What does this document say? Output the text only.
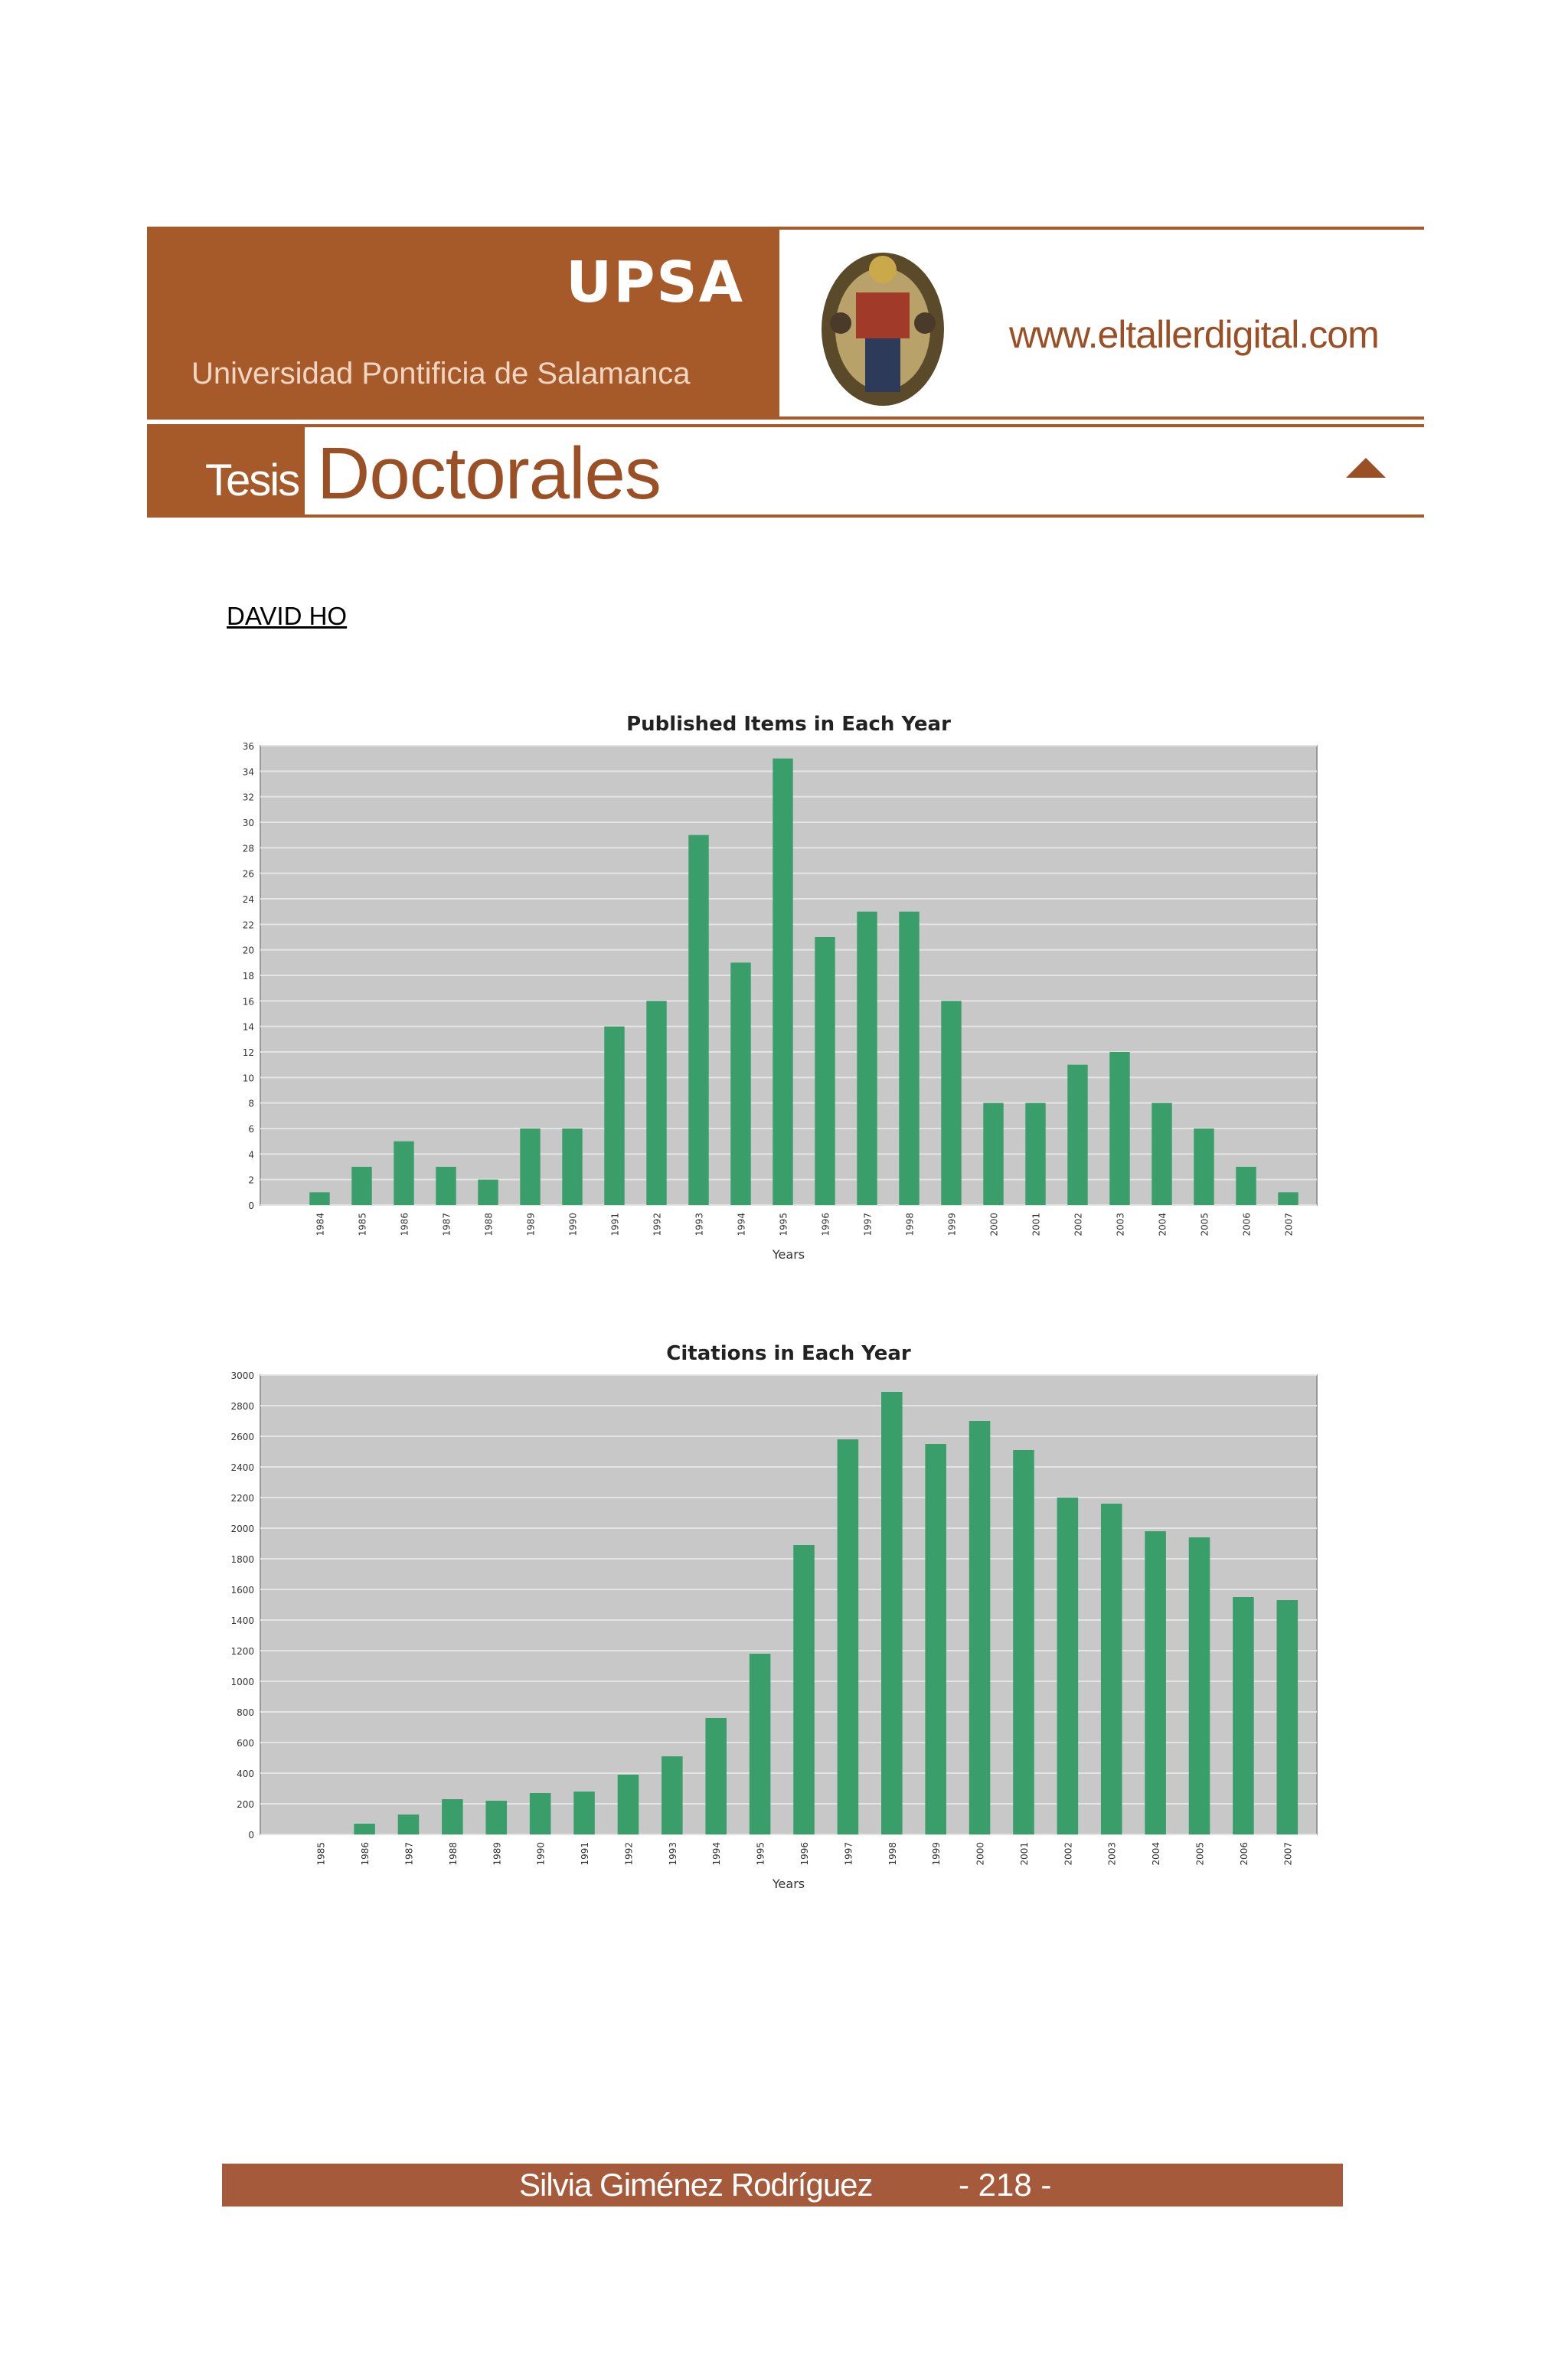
UPSA
Universidad Pontificia de Salamanca
www.eltallerdigital.com
Tesis Doctorales
DAVID HO
Published Items in Each Year
0
2
4
6
8
10
12
14
16
18
20
22
24
26
28
30
32
34
36
1984	1985	1986	1987	1988	1989	1990	1991	1992	1993	1994	1995	1996	1997	1998	1999	2000	2001	2002	2003	2004	2005	2006	2007
Years
Citations in Each Year
0
200
400
600
800
1000
1200
1400
1600
1800
2000
2200
2400
2600
2800
3000
1985	1986	1987	1988	1989	1990	1991	1992	1993	1994	1995	1996	1997	1998	1999	2000	2001	2002	2003	2004	2005	2006	2007
Years
Silvia Giménez Rodríguez	- 218 -
